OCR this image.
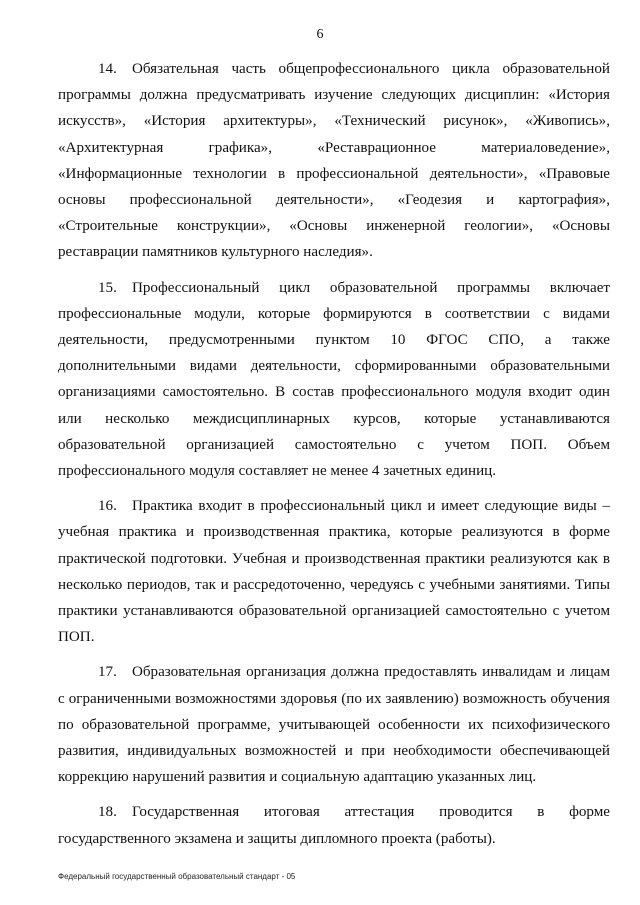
6

14. Обязательная часть общепрофессионального цикла образовательной программы должна предусматривать изучение следующих дисциплин: «История искусств», «История архитектуры», «Технический рисунок», «Живопись», «Архитектурная графика», «Реставрационное материаловедение», «Информационные технологии в профессиональной деятельности», «Правовые основы профессиональной деятельности», «Геодезия и картография», «Строительные конструкции», «Основы инженерной геологии», «Основы реставрации памятников культурного наследия».

15. Профессиональный цикл образовательной программы включает профессиональные модули, которые формируются в соответствии с видами деятельности, предусмотренными пунктом 10 ФГОС СПО, а также дополнительными видами деятельности, сформированными образовательными организациями самостоятельно. В состав профессионального модуля входит один или несколько междисциплинарных курсов, которые устанавливаются образовательной организацией самостоятельно с учетом ПОП. Объем профессионального модуля составляет не менее 4 зачетных единиц.

16. Практика входит в профессиональный цикл и имеет следующие виды – учебная практика и производственная практика, которые реализуются в форме практической подготовки. Учебная и производственная практики реализуются как в несколько периодов, так и рассредоточенно, чередуясь с учебными занятиями. Типы практики устанавливаются образовательной организацией самостоятельно с учетом ПОП.

17. Образовательная организация должна предоставлять инвалидам и лицам с ограниченными возможностями здоровья (по их заявлению) возможность обучения по образовательной программе, учитывающей особенности их психофизического развития, индивидуальных возможностей и при необходимости обеспечивающей коррекцию нарушений развития и социальную адаптацию указанных лиц.

18. Государственная итоговая аттестация проводится в форме государственного экзамена и защиты дипломного проекта (работы).

Федеральный государственный образовательный стандарт - 05
